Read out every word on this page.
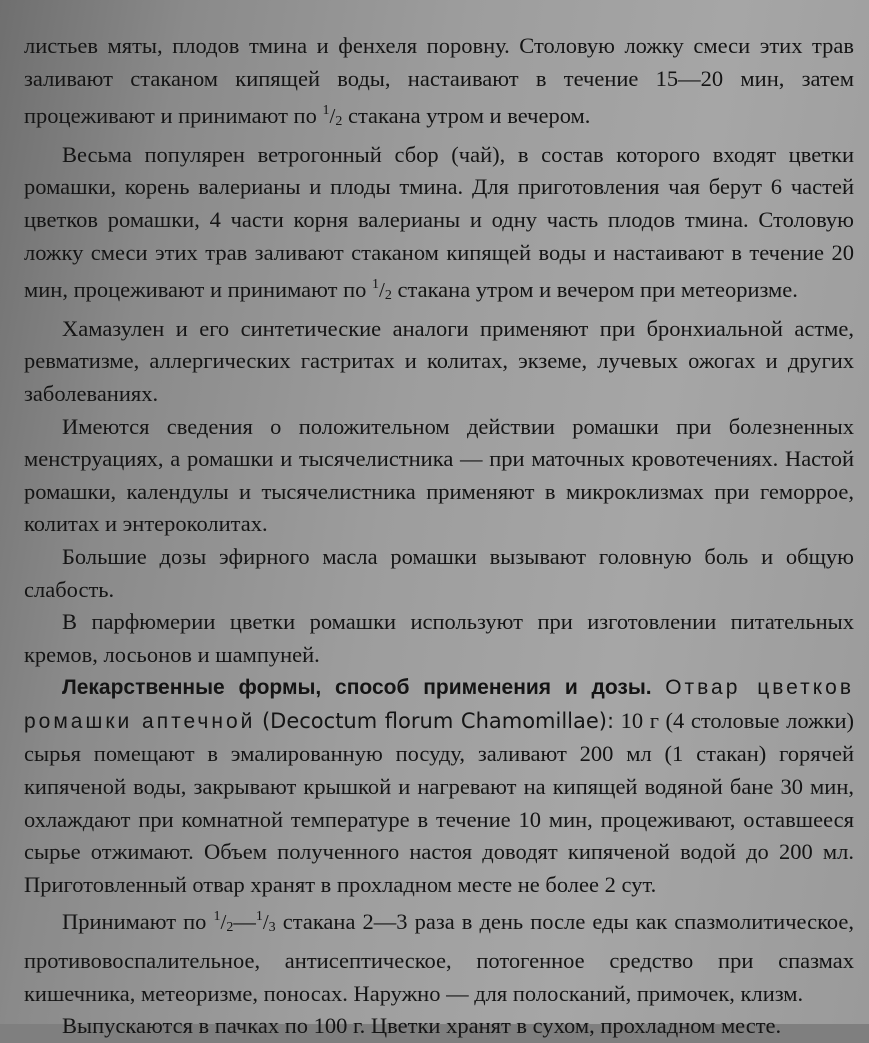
листьев мяты, плодов тмина и фенхеля поровну. Столовую ложку смеси этих трав заливают стаканом кипящей воды, настаивают в течение 15—20 мин, затем процеживают и принимают по $^1/_2$ стакана утром и вечером.

Весьма популярен ветрогонный сбор (чай), в состав которого входят цветки ромашки, корень валерианы и плоды тмина. Для приготовления чая берут 6 частей цветков ромашки, 4 части корня валерианы и одну часть плодов тмина. Столовую ложку смеси этих трав заливают стаканом кипящей воды и настаивают в течение 20 мин, процеживают и принимают по $^1/_2$ стакана утром и вечером при метеоризме.

Хамазулен и его синтетические аналоги применяют при бронхиальной астме, ревматизме, аллергических гастритах и колитах, экземе, лучевых ожогах и других заболеваниях.

Имеются сведения о положительном действии ромашки при болезненных менструациях, а ромашки и тысячелистника — при маточных кровотечениях. Настой ромашки, календулы и тысячелистника применяют в микроклизмах при геморрое, колитах и энтероколитах.

Большие дозы эфирного масла ромашки вызывают головную боль и общую слабость.

В парфюмерии цветки ромашки используют при изготовлении питательных кремов, лосьонов и шампуней.

Лекарственные формы, способ применения и дозы. Отвар цветков ромашки аптечной (Decoctum florum Chamomillae): 10 г (4 столовые ложки) сырья помещают в эмалированную посуду, заливают 200 мл (1 стакан) горячей кипяченой воды, закрывают крышкой и нагревают на кипящей водяной бане 30 мин, охлаждают при комнатной температуре в течение 10 мин, процеживают, оставшееся сырье отжимают. Объем полученного настоя доводят кипяченой водой до 200 мл. Приготовленный отвар хранят в прохладном месте не более 2 сут.

Принимают по $^1/_2—^1/_3$ стакана 2—3 раза в день после еды как спазмолитическое, противовоспалительное, антисептическое, потогенное средство при спазмах кишечника, метеоризме, поносах. Наружно — для полосканий, примочек, клизм.

Выпускаются в пачках по 100 г. Цветки хранят в сухом, прохладном месте.
